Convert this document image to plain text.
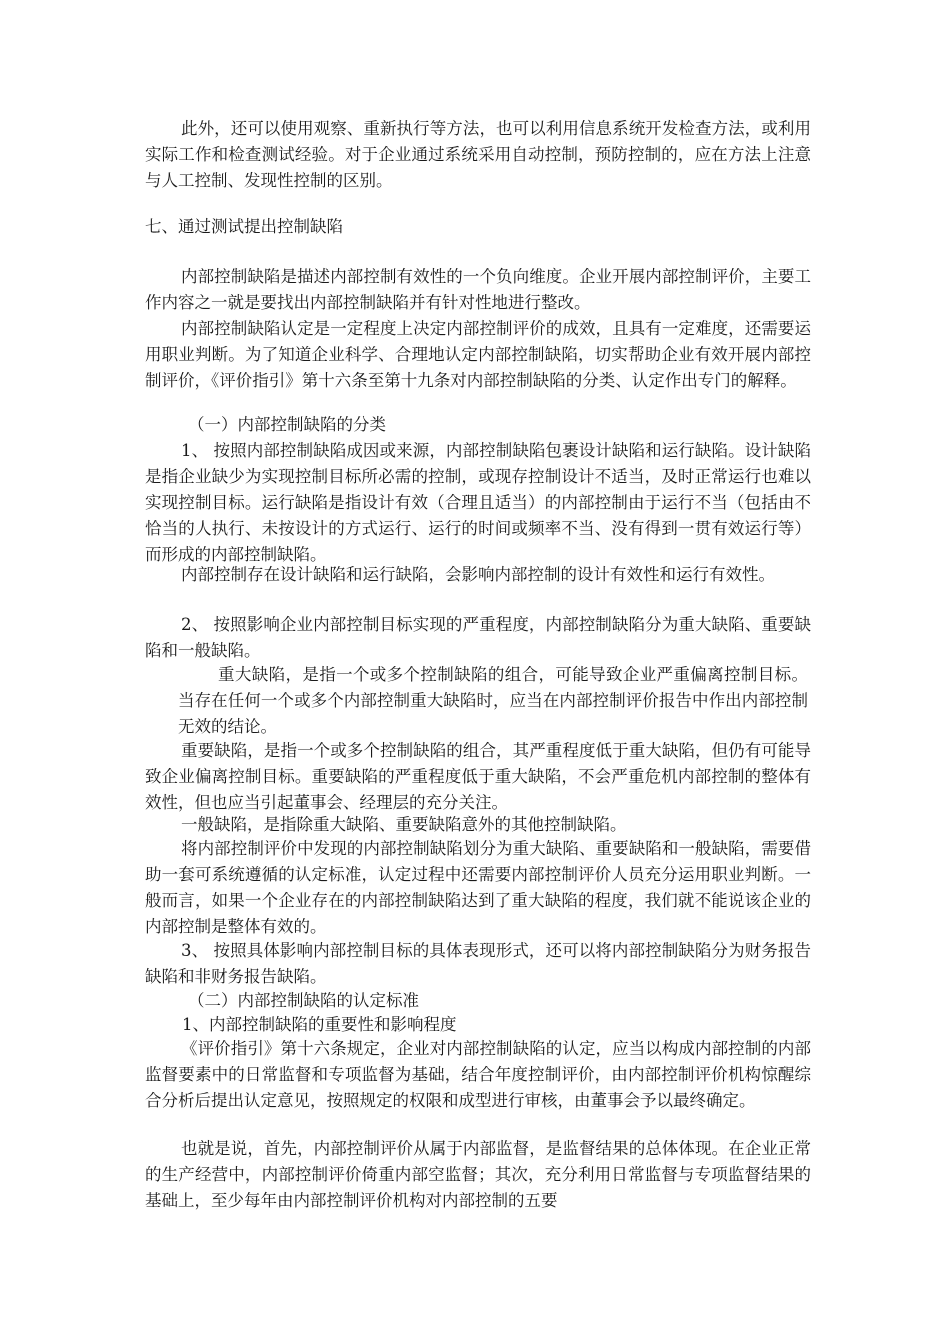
此外，还可以使用观察、重新执行等方法，也可以利用信息系统开发检查方法，或利用实际工作和检查测试经验。对于企业通过系统采用自动控制，预防控制的，应在方法上注意与人工控制、发现性控制的区别。

七、通过测试提出控制缺陷

内部控制缺陷是描述内部控制有效性的一个负向维度。企业开展内部控制评价，主要工作内容之一就是要找出内部控制缺陷并有针对性地进行整改。

内部控制缺陷认定是一定程度上决定内部控制评价的成效，且具有一定难度，还需要运用职业判断。为了知道企业科学、合理地认定内部控制缺陷，切实帮助企业有效开展内部控制评价，《评价指引》第十六条至第十九条对内部控制缺陷的分类、认定作出专门的解释。

（一）内部控制缺陷的分类

1、 按照内部控制缺陷成因或来源，内部控制缺陷包裹设计缺陷和运行缺陷。设计缺陷是指企业缺少为实现控制目标所必需的控制，或现存控制设计不适当，及时正常运行也难以实现控制目标。运行缺陷是指设计有效（合理且适当）的内部控制由于运行不当（包括由不恰当的人执行、未按设计的方式运行、运行的时间或频率不当、没有得到一贯有效运行等）而形成的内部控制缺陷。

内部控制存在设计缺陷和运行缺陷，会影响内部控制的设计有效性和运行有效性。

2、 按照影响企业内部控制目标实现的严重程度，内部控制缺陷分为重大缺陷、重要缺陷和一般缺陷。

重大缺陷，是指一个或多个控制缺陷的组合，可能导致企业严重偏离控制目标。当存在任何一个或多个内部控制重大缺陷时，应当在内部控制评价报告中作出内部控制无效的结论。

重要缺陷，是指一个或多个控制缺陷的组合，其严重程度低于重大缺陷，但仍有可能导致企业偏离控制目标。重要缺陷的严重程度低于重大缺陷，不会严重危机内部控制的整体有效性，但也应当引起董事会、经理层的充分关注。

一般缺陷，是指除重大缺陷、重要缺陷意外的其他控制缺陷。

将内部控制评价中发现的内部控制缺陷划分为重大缺陷、重要缺陷和一般缺陷，需要借助一套可系统遵循的认定标准，认定过程中还需要内部控制评价人员充分运用职业判断。一般而言，如果一个企业存在的内部控制缺陷达到了重大缺陷的程度，我们就不能说该企业的内部控制是整体有效的。

3、 按照具体影响内部控制目标的具体表现形式，还可以将内部控制缺陷分为财务报告缺陷和非财务报告缺陷。

（二）内部控制缺陷的认定标准

1、内部控制缺陷的重要性和影响程度

《评价指引》第十六条规定，企业对内部控制缺陷的认定，应当以构成内部控制的内部监督要素中的日常监督和专项监督为基础，结合年度控制评价，由内部控制评价机构惊醒综合分析后提出认定意见，按照规定的权限和成型进行审核，由董事会予以最终确定。

也就是说，首先，内部控制评价从属于内部监督，是监督结果的总体体现。在企业正常的生产经营中，内部控制评价倚重内部空监督；其次，充分利用日常监督与专项监督结果的基础上，至少每年由内部控制评价机构对内部控制的五要
